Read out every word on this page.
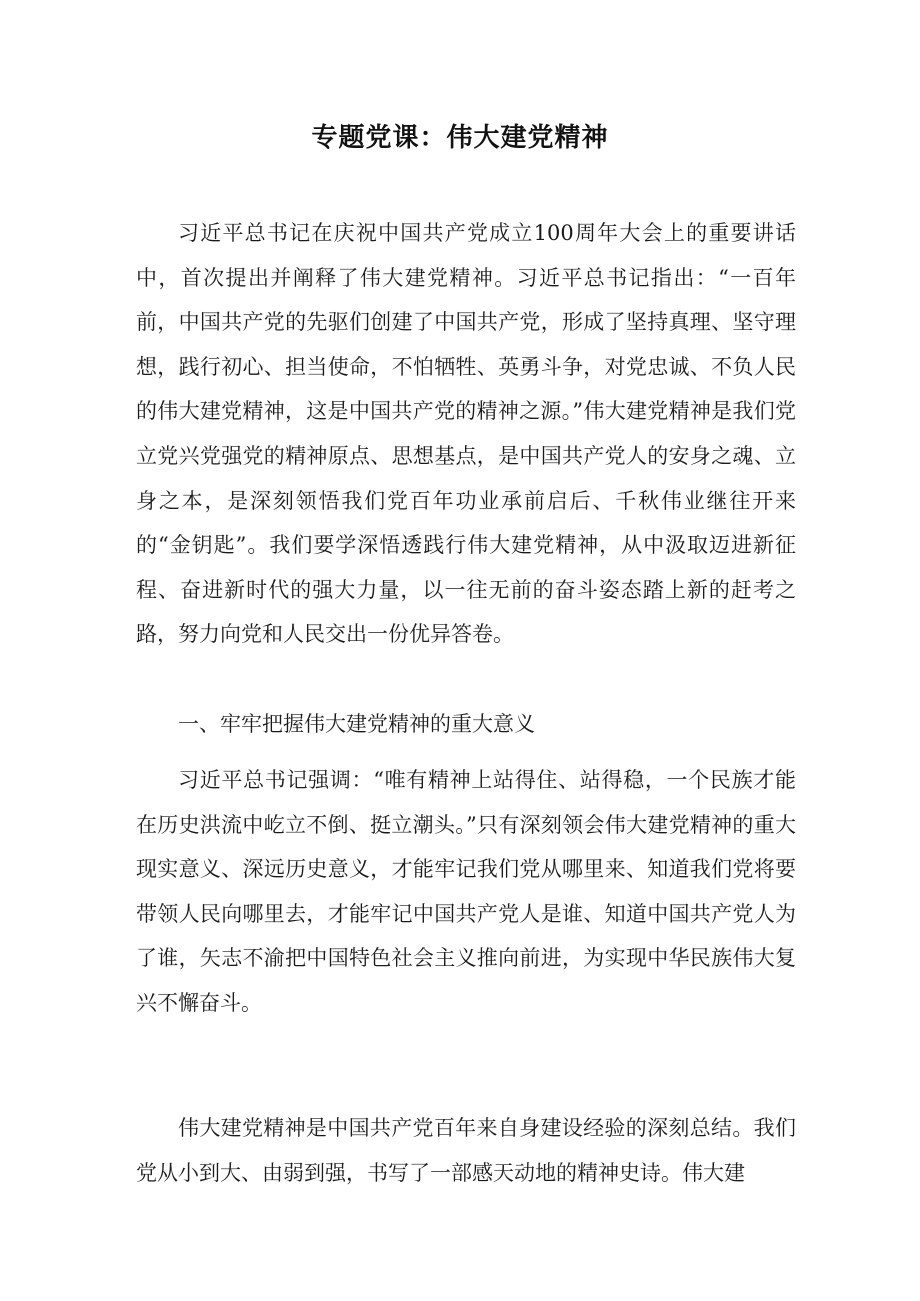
专题党课：伟大建党精神

习近平总书记在庆祝中国共产党成立100周年大会上的重要讲话中，首次提出并阐释了伟大建党精神。习近平总书记指出：“一百年前，中国共产党的先驱们创建了中国共产党，形成了坚持真理、坚守理想，践行初心、担当使命，不怕牺牲、英勇斗争，对党忠诚、不负人民的伟大建党精神，这是中国共产党的精神之源。”伟大建党精神是我们党立党兴党强党的精神原点、思想基点，是中国共产党人的安身之魂、立身之本，是深刻领悟我们党百年功业承前启后、千秋伟业继往开来的“金钥匙”。我们要学深悟透践行伟大建党精神，从中汲取迈进新征程、奋进新时代的强大力量，以一往无前的奋斗姿态踏上新的赶考之路，努力向党和人民交出一份优异答卷。

一、牢牢把握伟大建党精神的重大意义

习近平总书记强调：“唯有精神上站得住、站得稳，一个民族才能在历史洪流中屹立不倒、挺立潮头。”只有深刻领会伟大建党精神的重大现实意义、深远历史意义，才能牢记我们党从哪里来、知道我们党将要带领人民向哪里去，才能牢记中国共产党人是谁、知道中国共产党人为了谁，矢志不渝把中国特色社会主义推向前进，为实现中华民族伟大复兴不懈奋斗。

伟大建党精神是中国共产党百年来自身建设经验的深刻总结。我们党从小到大、由弱到强，书写了一部感天动地的精神史诗。伟大建
